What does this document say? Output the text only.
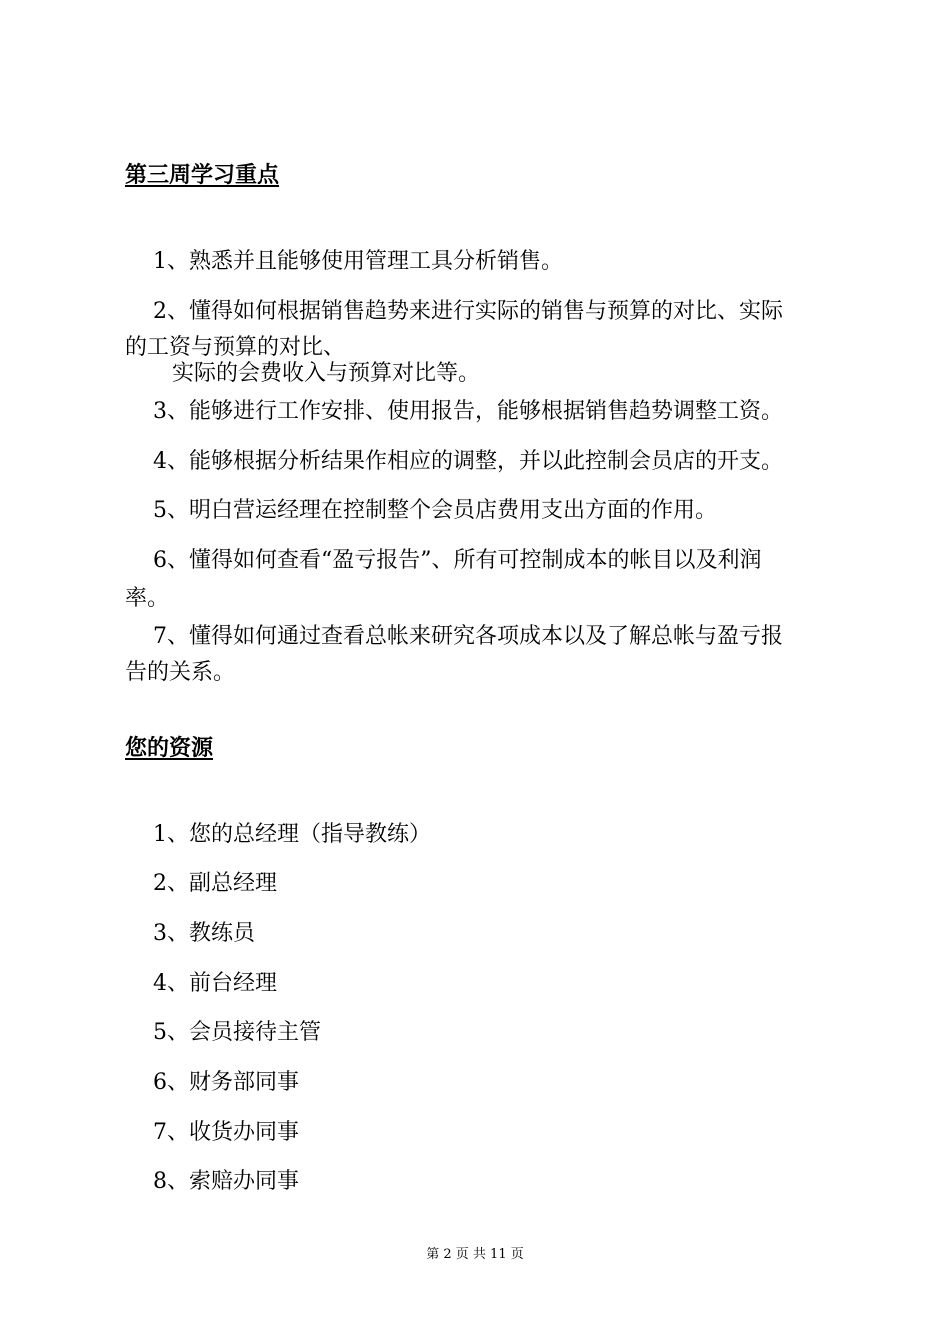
第三周学习重点
1、熟悉并且能够使用管理工具分析销售。
2、懂得如何根据销售趋势来进行实际的销售与预算的对比、实际
的工资与预算的对比、
实际的会费收入与预算对比等。
3、能够进行工作安排、使用报告，能够根据销售趋势调整工资。
4、能够根据分析结果作相应的调整，并以此控制会员店的开支。
5、明白营运经理在控制整个会员店费用支出方面的作用。
6、懂得如何查看“盈亏报告”、所有可控制成本的帐目以及利润
率。
7、懂得如何通过查看总帐来研究各项成本以及了解总帐与盈亏报
告的关系。
您的资源
1、您的总经理（指导教练）
2、副总经理
3、教练员
4、前台经理
5、会员接待主管
6、财务部同事
7、收货办同事
8、索赔办同事
第 2 页 共 11 页
